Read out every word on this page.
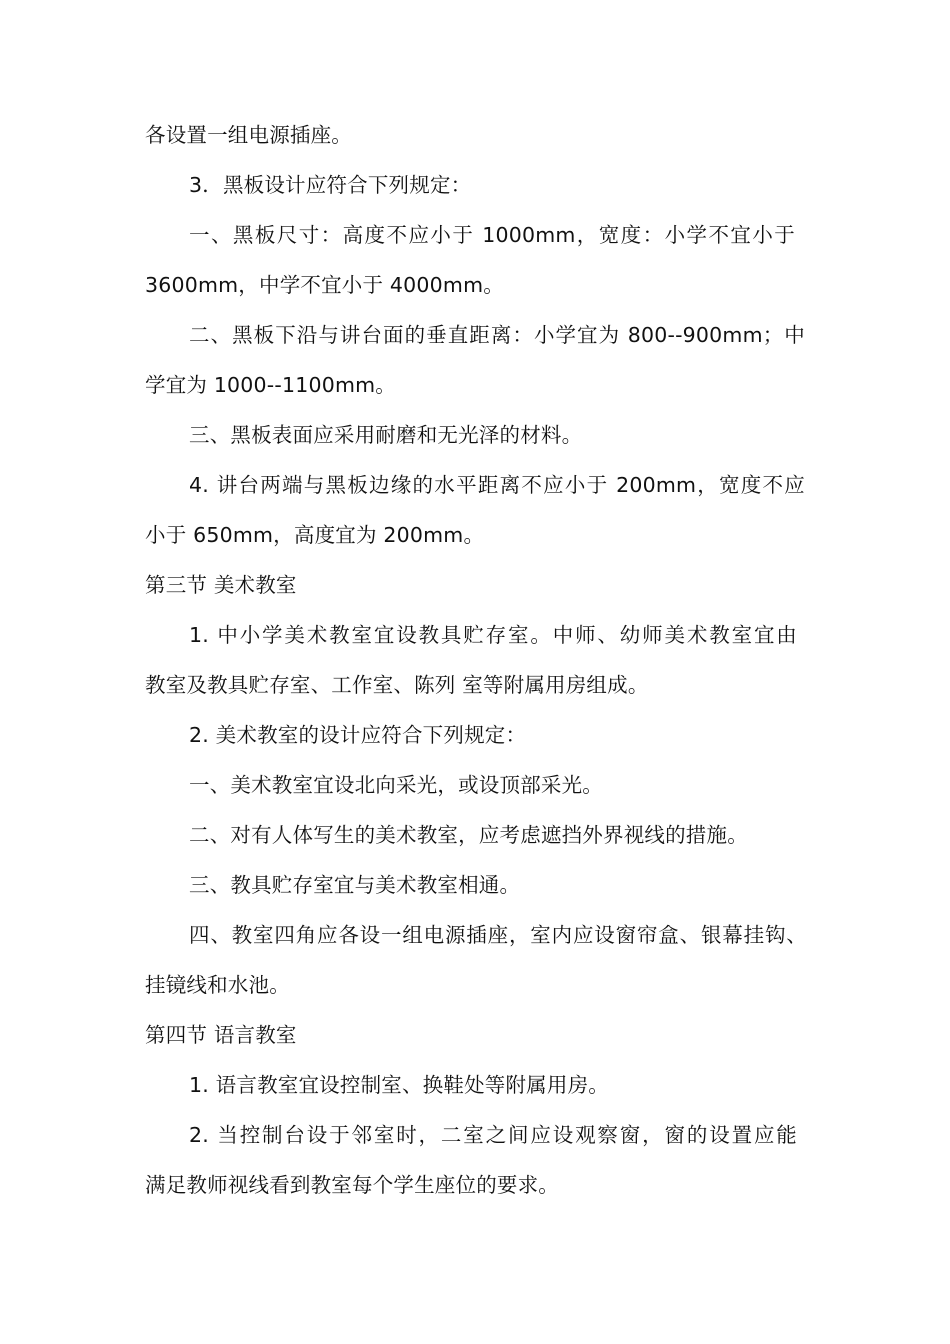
各设置一组电源插座。
3．黑板设计应符合下列规定：
一、黑板尺寸：高度不应小于 1000mm，宽度：小学不宜小于
3600mm，中学不宜小于 4000mm。
二、黑板下沿与讲台面的垂直距离：小学宜为 800--900mm；中
学宜为 1000--1100mm。
三、黑板表面应采用耐磨和无光泽的材料。
4. 讲台两端与黑板边缘的水平距离不应小于 200mm，宽度不应
小于 650mm，高度宜为 200mm。
第三节 美术教室
1. 中小学美术教室宜设教具贮存室。中师、幼师美术教室宜由
教室及教具贮存室、工作室、陈列 室等附属用房组成。
2. 美术教室的设计应符合下列规定：
一、美术教室宜设北向采光，或设顶部采光。
二、对有人体写生的美术教室，应考虑遮挡外界视线的措施。
三、教具贮存室宜与美术教室相通。
四、教室四角应各设一组电源插座，室内应设窗帘盒、银幕挂钩、
挂镜线和水池。
第四节 语言教室
1. 语言教室宜设控制室、换鞋处等附属用房。
2. 当控制台设于邻室时，二室之间应设观察窗，窗的设置应能
满足教师视线看到教室每个学生座位的要求。
